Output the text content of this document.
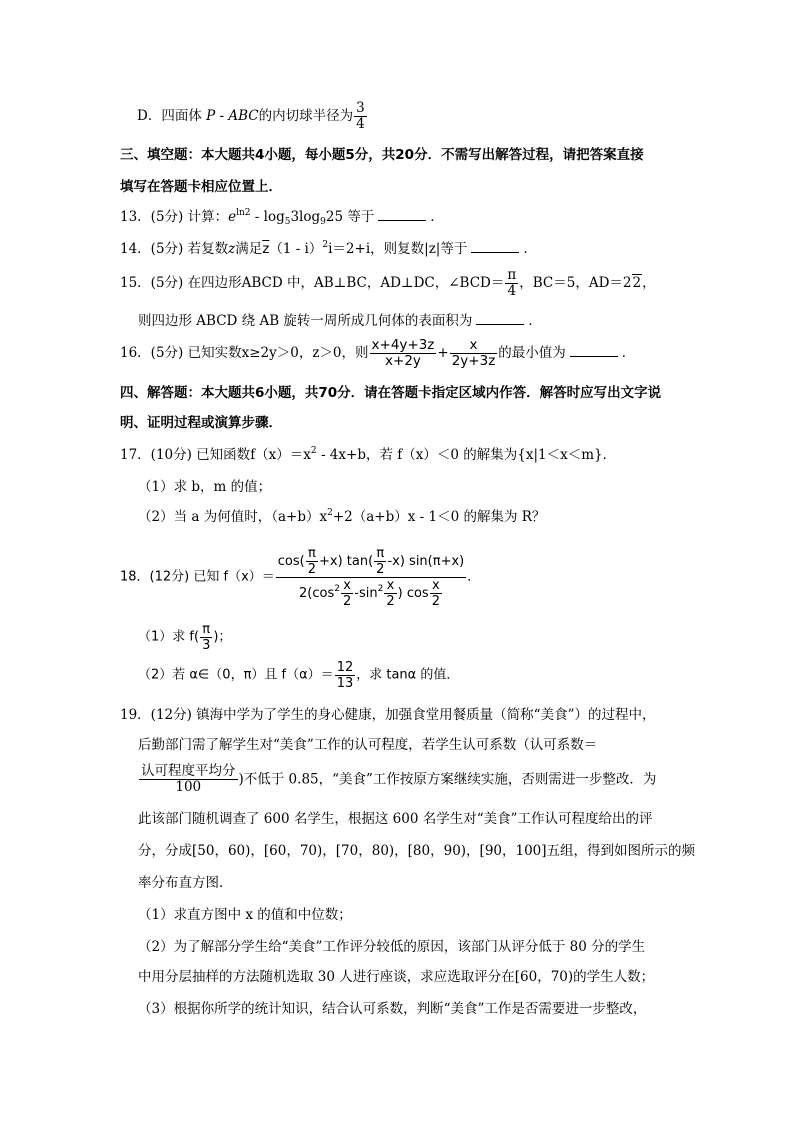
D．四面体 P - ABC的内切球半径为 $\frac{3}{4}$
三、填空题：本大题共4小题，每小题5分，共20分．不需写出解答过程，请把答案直接
填写在答题卡相应位置上．
13．(5分) 计算：$e^{ln2} - \log_53\log_925$ 等于	．
14．(5分) 若复数z满足$\overline{z}(1 - i)^2i=2+i$，则复数|z|等于	．
15．(5分) 在四边形ABCD 中，AB⊥BC，AD⊥DC，∠BCD＝ $\frac{\pi}{4}$ ，BC＝5，AD＝22，
则四边形 ABCD 绕 AB 旋转一周所成几何体的表面积为	．
16．(5分) 已知实数x≥2y＞0，z＞0，则 $\frac{x+4y+3z}{x+2y} + \frac{x}{2y+3z}$ 的最小值为	．
四、解答题：本大题共6小题，共70分．请在答题卡指定区域内作答．解答时应写出文字说
明、证明过程或演算步骤．
17．(10分) 已知函数$f(x)=x^2 - 4x+b$，若 f（x）＜0 的解集为{x|1＜x＜m}．
（1）求 b，m 的值；
（2）当 a 为何值时，$(a+b)x^2+2(a+b)x - 1<0$ 的解集为 R？
18．(12分) 已知 $f(x)= \frac{\cos( \frac{\pi}{2} +x) \tan( \frac{\pi}{2} -x) \sin(\pi+x)}{2(\cos^2 \frac{x}{2} -\sin^2 \frac{x}{2} ) \cos \frac{x}{2}}$ ．
（1）求 $f( \frac{\pi}{3}$ )；
（2）若 α∈（0，π）且 $f(\alpha)= \frac{12}{13}$ ，求 tanα 的值．
19．(12分) 镇海中学为了学生的身心健康，加强食堂用餐质量（简称“美食”）的过程中，
后勤部门需了解学生对“美食”工作的认可程度，若学生认可系数（认可系数＝
$\frac{\text{认可程度平均分}}{100}$ )不低于 0.85，“美食”工作按原方案继续实施，否则需进一步整改．为
此该部门随机调查了 600 名学生，根据这 600 名学生对“美食”工作认可程度给出的评
分，分成[50，60)，[60，70)，[70，80)，[80，90)，[90，100]五组，得到如图所示的频
率分布直方图．
（1）求直方图中 x 的值和中位数；
（2）为了解部分学生给“美食”工作评分较低的原因，该部门从评分低于 80 分的学生
中用分层抽样的方法随机选取 30 人进行座谈，求应选取评分在[60，70)的学生人数；
（3）根据你所学的统计知识，结合认可系数，判断“美食”工作是否需要进一步整改，
